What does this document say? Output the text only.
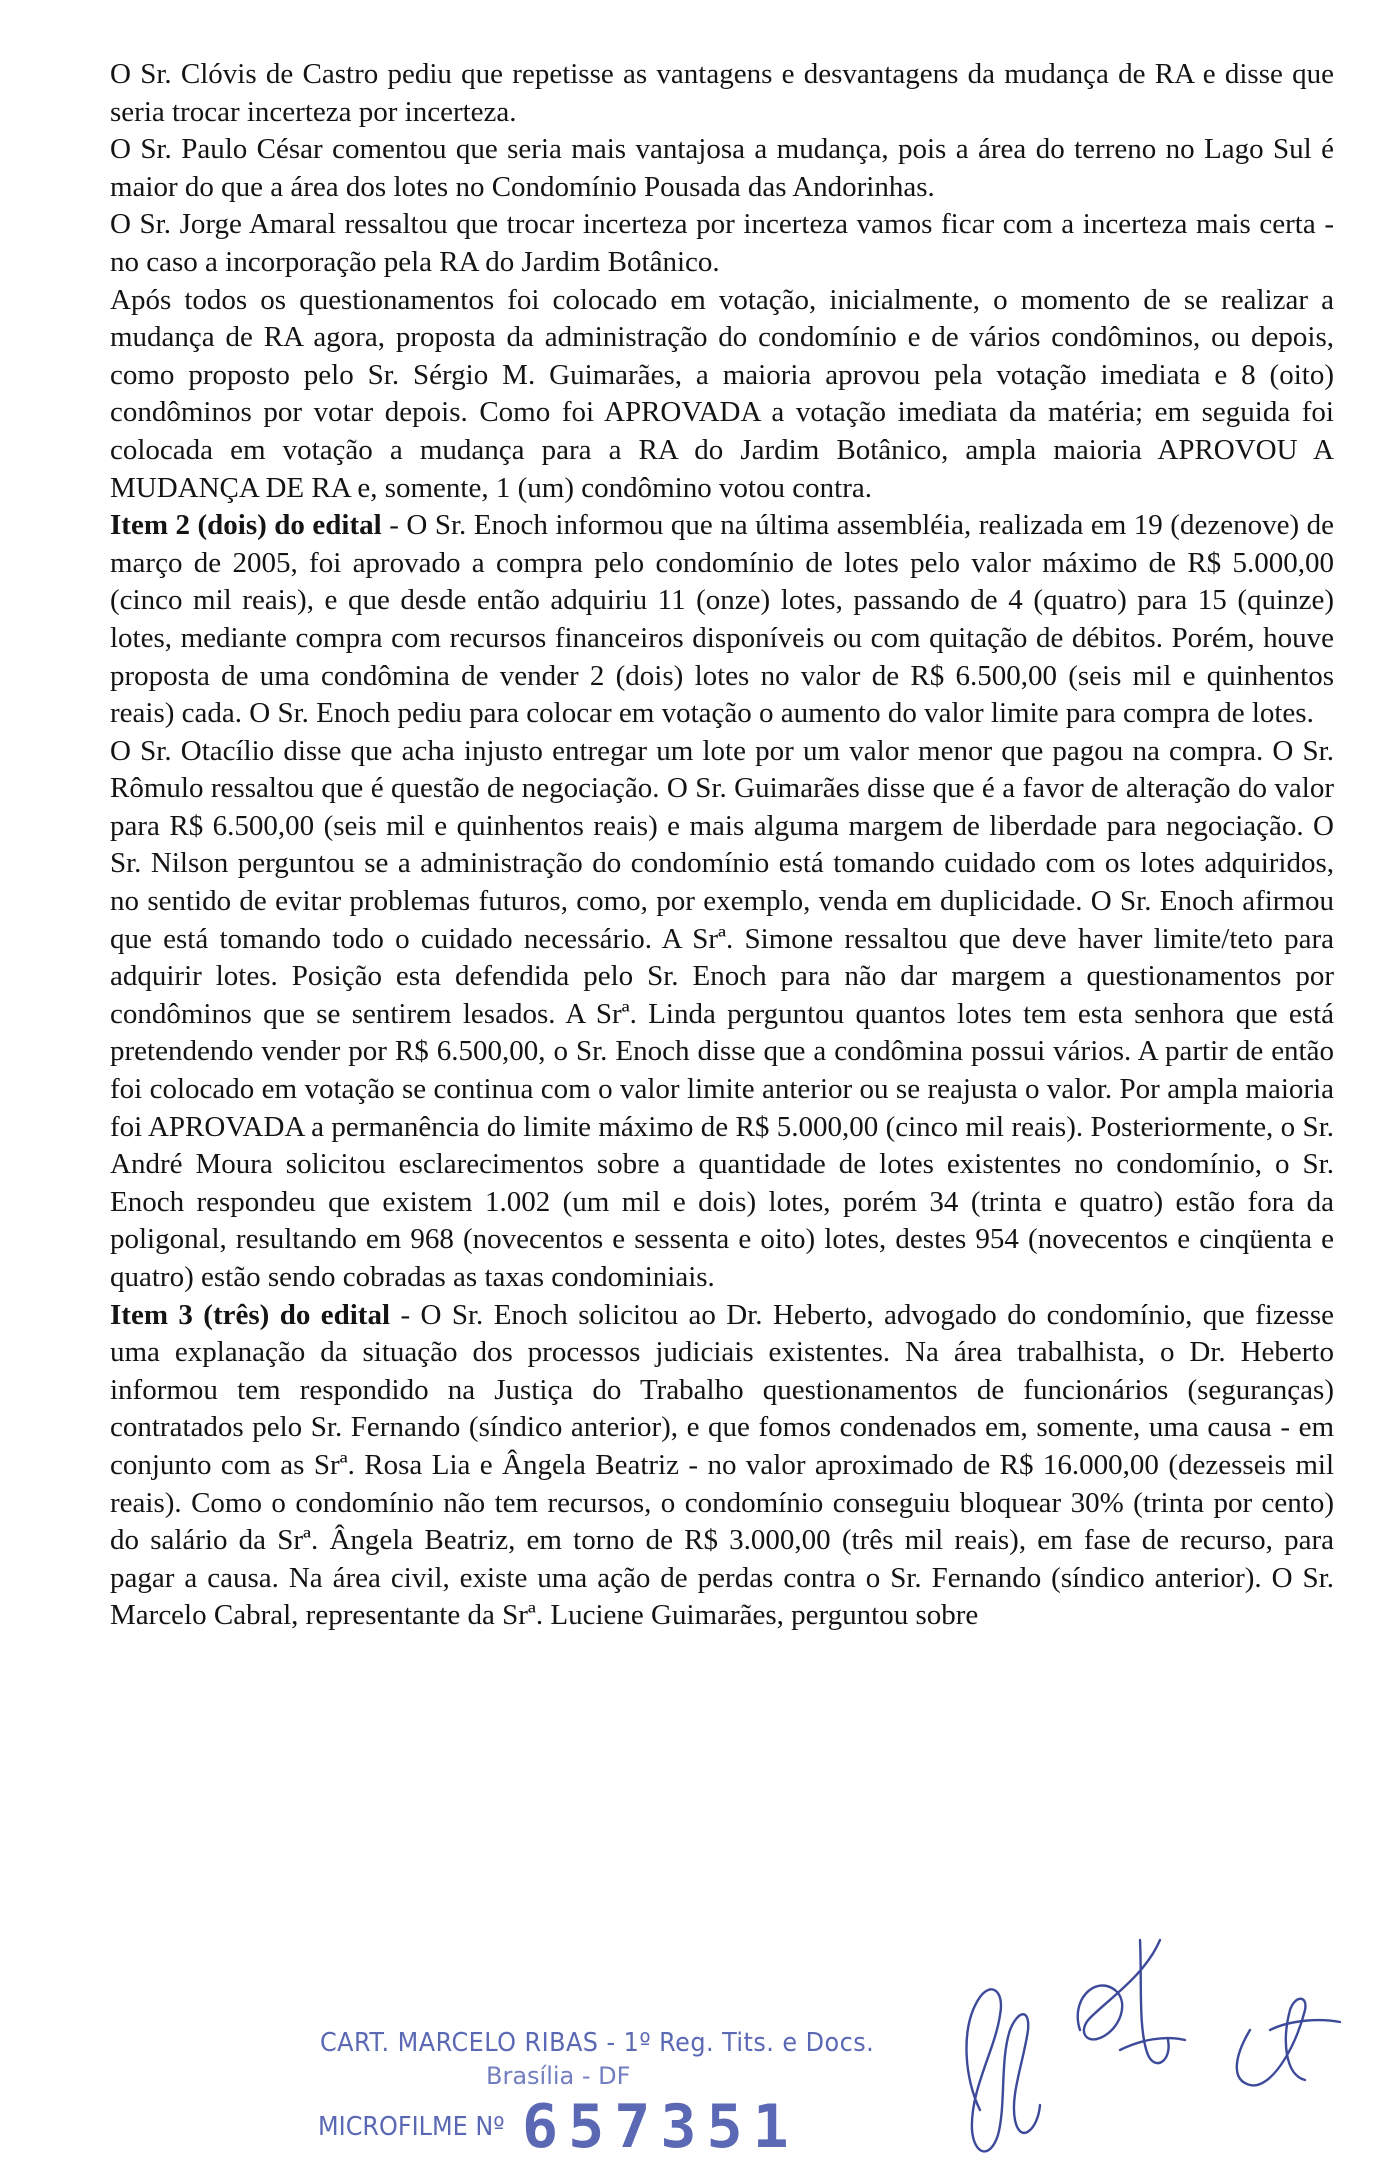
O Sr. Clóvis de Castro pediu que repetisse as vantagens e desvantagens da mudança de RA e disse que seria trocar incerteza por incerteza.

O Sr. Paulo César comentou que seria mais vantajosa a mudança, pois a área do terreno no Lago Sul é maior do que a área dos lotes no Condomínio Pousada das Andorinhas.

O Sr. Jorge Amaral ressaltou que trocar incerteza por incerteza vamos ficar com a incerteza mais certa - no caso a incorporação pela RA do Jardim Botânico.

Após todos os questionamentos foi colocado em votação, inicialmente, o momento de se realizar a mudança de RA agora, proposta da administração do condomínio e de vários condôminos, ou depois, como proposto pelo Sr. Sérgio M. Guimarães, a maioria aprovou pela votação imediata e 8 (oito) condôminos por votar depois. Como foi APROVADA a votação imediata da matéria; em seguida foi colocada em votação a mudança para a RA do Jardim Botânico, ampla maioria APROVOU A MUDANÇA DE RA e, somente, 1 (um) condômino votou contra.

Item 2 (dois) do edital - O Sr. Enoch informou que na última assembléia, realizada em 19 (dezenove) de março de 2005, foi aprovado a compra pelo condomínio de lotes pelo valor máximo de R$ 5.000,00 (cinco mil reais), e que desde então adquiriu 11 (onze) lotes, passando de 4 (quatro) para 15 (quinze) lotes, mediante compra com recursos financeiros disponíveis ou com quitação de débitos. Porém, houve proposta de uma condômina de vender 2 (dois) lotes no valor de R$ 6.500,00 (seis mil e quinhentos reais) cada. O Sr. Enoch pediu para colocar em votação o aumento do valor limite para compra de lotes.

O Sr. Otacílio disse que acha injusto entregar um lote por um valor menor que pagou na compra. O Sr. Rômulo ressaltou que é questão de negociação. O Sr. Guimarães disse que é a favor de alteração do valor para R$ 6.500,00 (seis mil e quinhentos reais) e mais alguma margem de liberdade para negociação. O Sr. Nilson perguntou se a administração do condomínio está tomando cuidado com os lotes adquiridos, no sentido de evitar problemas futuros, como, por exemplo, venda em duplicidade. O Sr. Enoch afirmou que está tomando todo o cuidado necessário. A Srª. Simone ressaltou que deve haver limite/teto para adquirir lotes. Posição esta defendida pelo Sr. Enoch para não dar margem a questionamentos por condôminos que se sentirem lesados. A Srª. Linda perguntou quantos lotes tem esta senhora que está pretendendo vender por R$ 6.500,00, o Sr. Enoch disse que a condômina possui vários. A partir de então foi colocado em votação se continua com o valor limite anterior ou se reajusta o valor. Por ampla maioria foi APROVADA a permanência do limite máximo de R$ 5.000,00 (cinco mil reais). Posteriormente, o Sr. André Moura solicitou esclarecimentos sobre a quantidade de lotes existentes no condomínio, o Sr. Enoch respondeu que existem 1.002 (um mil e dois) lotes, porém 34 (trinta e quatro) estão fora da poligonal, resultando em 968 (novecentos e sessenta e oito) lotes, destes 954 (novecentos e cinqüenta e quatro) estão sendo cobradas as taxas condominiais.

Item 3 (três) do edital - O Sr. Enoch solicitou ao Dr. Heberto, advogado do condomínio, que fizesse uma explanação da situação dos processos judiciais existentes. Na área trabalhista, o Dr. Heberto informou tem respondido na Justiça do Trabalho questionamentos de funcionários (seguranças) contratados pelo Sr. Fernando (síndico anterior), e que fomos condenados em, somente, uma causa - em conjunto com as Srª. Rosa Lia e Ângela Beatriz - no valor aproximado de R$ 16.000,00 (dezesseis mil reais). Como o condomínio não tem recursos, o condomínio conseguiu bloquear 30% (trinta por cento) do salário da Srª. Ângela Beatriz, em torno de R$ 3.000,00 (três mil reais), em fase de recurso, para pagar a causa. Na área civil, existe uma ação de perdas contra o Sr. Fernando (síndico anterior). O Sr. Marcelo Cabral, representante da Srª. Luciene Guimarães, perguntou sobre

CART. MARCELO RIBAS - 1º Reg. Tits. e Docs.
Brasília - DF
MICROFILME Nº 657351
